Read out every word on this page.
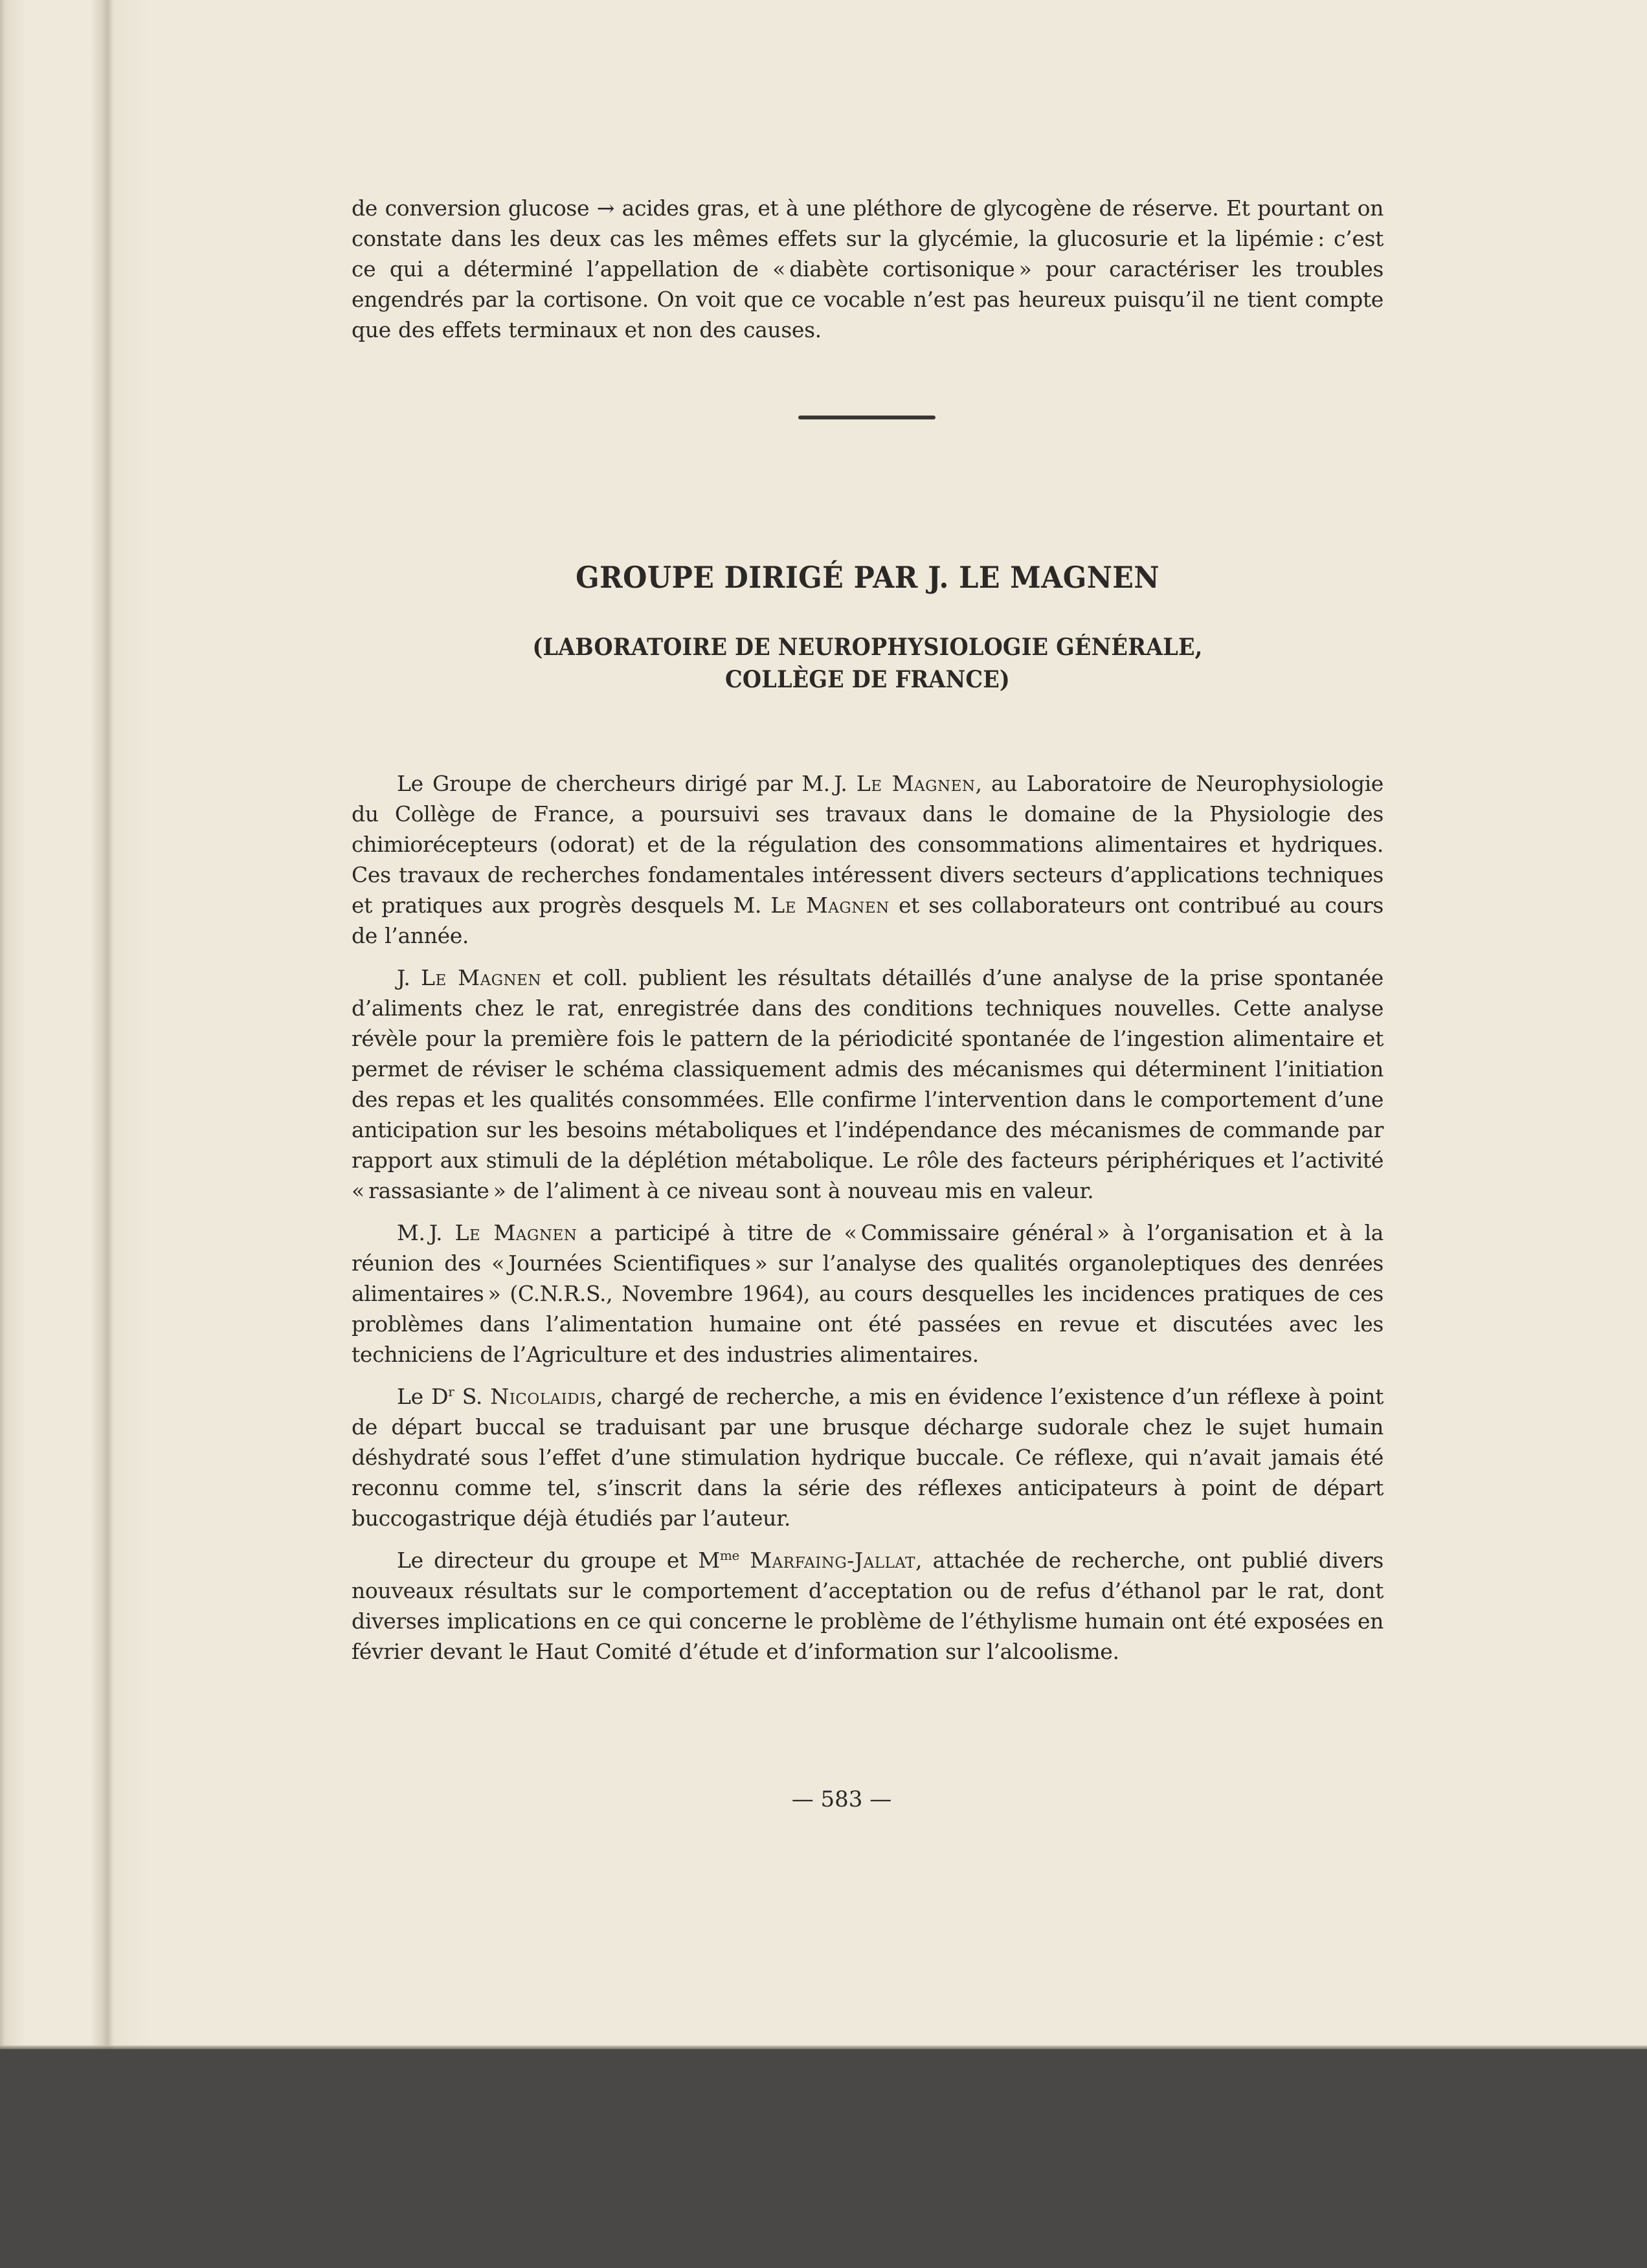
de conversion glucose → acides gras, et à une pléthore de glycogène de réserve. Et pourtant on constate dans les deux cas les mêmes effets sur la glycémie, la glucosurie et la lipémie : c’est ce qui a déterminé l’appellation de « diabète cortisonique » pour caractériser les troubles engendrés par la cortisone. On voit que ce vocable n’est pas heureux puisqu’il ne tient compte que des effets terminaux et non des causes.

GROUPE DIRIGÉ PAR J. LE MAGNEN
(LABORATOIRE DE NEUROPHYSIOLOGIE GÉNÉRALE,
COLLÈGE DE FRANCE)

Le Groupe de chercheurs dirigé par M. J. Le Magnen, au Laboratoire de Neurophysiologie du Collège de France, a poursuivi ses travaux dans le domaine de la Physiologie des chimiorécepteurs (odorat) et de la régulation des consommations alimentaires et hydriques. Ces travaux de recherches fondamentales intéressent divers secteurs d’applications techniques et pratiques aux progrès desquels M. Le Magnen et ses collaborateurs ont contribué au cours de l’année.

J. Le Magnen et coll. publient les résultats détaillés d’une analyse de la prise spontanée d’aliments chez le rat, enregistrée dans des conditions techniques nouvelles. Cette analyse révèle pour la première fois le pattern de la périodicité spontanée de l’ingestion alimentaire et permet de réviser le schéma classiquement admis des mécanismes qui déterminent l’initiation des repas et les qualités consommées. Elle confirme l’intervention dans le comportement d’une anticipation sur les besoins métaboliques et l’indépendance des mécanismes de commande par rapport aux stimuli de la déplétion métabolique. Le rôle des facteurs périphériques et l’activité « rassasiante » de l’aliment à ce niveau sont à nouveau mis en valeur.

M. J. Le Magnen a participé à titre de « Commissaire général » à l’organisation et à la réunion des « Journées Scientifiques » sur l’analyse des qualités organoleptiques des denrées alimentaires » (C.N.R.S., Novembre 1964), au cours desquelles les incidences pratiques de ces problèmes dans l’alimentation humaine ont été passées en revue et discutées avec les techniciens de l’Agriculture et des industries alimentaires.

Le $D^r$ S. Nicolaidis, chargé de recherche, a mis en évidence l’existence d’un réflexe à point de départ buccal se traduisant par une brusque décharge sudorale chez le sujet humain déshydraté sous l’effet d’une stimulation hydrique buccale. Ce réflexe, qui n’avait jamais été reconnu comme tel, s’inscrit dans la série des réflexes anticipateurs à point de départ buccogastrique déjà étudiés par l’auteur.

Le directeur du groupe et $M^{me}$ Marfaing-Jallat, attachée de recherche, ont publié divers nouveaux résultats sur le comportement d’acceptation ou de refus d’éthanol par le rat, dont diverses implications en ce qui concerne le problème de l’éthylisme humain ont été exposées en février devant le Haut Comité d’étude et d’information sur l’alcoolisme.

— 583 —
